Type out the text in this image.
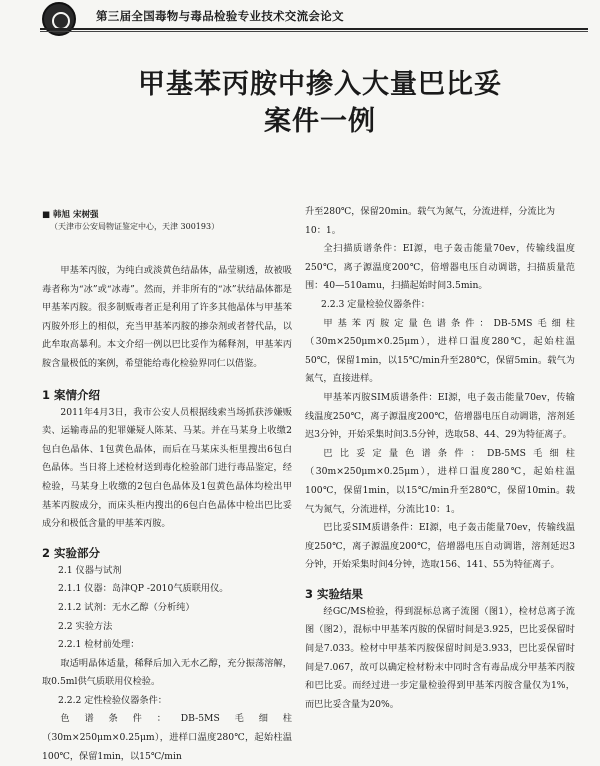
第三届全国毒物与毒品检验专业技术交流会论文
甲基苯丙胺中掺入大量巴比妥
案件一例
■ 韩旭 宋树强
（天津市公安局物证鉴定中心，天津 300193）

甲基苯丙胺，为纯白或淡黄色结晶体，晶莹剔透，故被吸毒者称为“冰”或“冰毒”。然而，并非所有的“冰”状结晶体都是甲基苯丙胺。很多制贩毒者正是利用了许多其他晶体与甲基苯丙胺外形上的相似，充当甲基苯丙胺的掺杂剂或者替代品，以此牟取高暴利。本文介绍一例以巴比妥作为稀释剂，甲基苯丙胺含量极低的案例，希望能给毒化检验界同仁以借鉴。

1 案情介绍

2011年4月3日，我市公安人员根据线索当场抓获涉嫌贩卖、运输毒品的犯罪嫌疑人陈某、马某。并在马某身上收缴2包白色晶体、1包黄色晶体，而后在马某床头柜里搜出6包白色晶体。当日将上述检材送到毒化检验部门进行毒品鉴定，经检验，马某身上收缴的2包白色晶体及1包黄色晶体均检出甲基苯丙胺成分，而床头柜内搜出的6包白色晶体中检出巴比妥成分和极低含量的甲基苯丙胺。

2 实验部分

2.1 仪器与试剂

2.1.1 仪器：岛津QP -2010气质联用仪。

2.1.2 试剂：无水乙醇（分析纯）

2.2 实验方法

2.2.1 检材前处理：

取适明晶体适量，稀释后加入无水乙醇，充分振荡溶解，取0.5ml供气质联用仪检验。

2.2.2 定性检验仪器条件：

色谱条件：DB-5MS毛细柱（30m×250μm×0.25μm），进样口温度280℃，起始柱温100℃，保留1min，以15℃/min

升至280℃，保留20min。载气为氮气，分流进样，分流比为10：1。

全扫描质谱条件：EI源，电子轰击能量70ev，传输线温度250℃，离子源温度200℃，倍增器电压自动调谐，扫描质量范围：40—510amu，扫描起始时间3.5min。

2.2.3 定量检验仪器条件：

甲基苯丙胺定量色谱条件：DB-5MS毛细柱（30m×250μm×0.25μm），进样口温度280℃，起始柱温50℃，保留1min，以15℃/min升至280℃，保留5min。载气为氮气，直接进样。

甲基苯丙胺SIM质谱条件：EI源，电子轰击能量70ev，传输线温度250℃，离子源温度200℃，倍增器电压自动调谐，溶剂延迟3分钟，开始采集时间3.5分钟，选取58、44、29为特征离子。

巴比妥定量色谱条件：DB-5MS毛细柱（30m×250μm×0.25μm），进样口温度280℃，起始柱温100℃，保留1min，以15℃/min升至280℃，保留10min。载气为氮气，分流进样，分流比10：1。

巴比妥SIM质谱条件：EI源，电子轰击能量70ev，传输线温度250℃，离子源温度200℃，倍增器电压自动调谐，溶剂延迟3分钟，开始采集时间4分钟，选取156、141、55为特征离子。

3 实验结果

经GC/MS检验，得到混标总离子流图（图1），检材总离子流图（图2），混标中甲基苯丙胺的保留时间是3.925，巴比妥保留时间是7.033。检材中甲基苯丙胺保留时间是3.933，巴比妥保留时间是7.067，故可以确定检材粉末中同时含有毒品成分甲基苯丙胺和巴比妥。而经过进一步定量检验得到甲基苯丙胺含量仅为1%，而巴比妥含量为20%。
